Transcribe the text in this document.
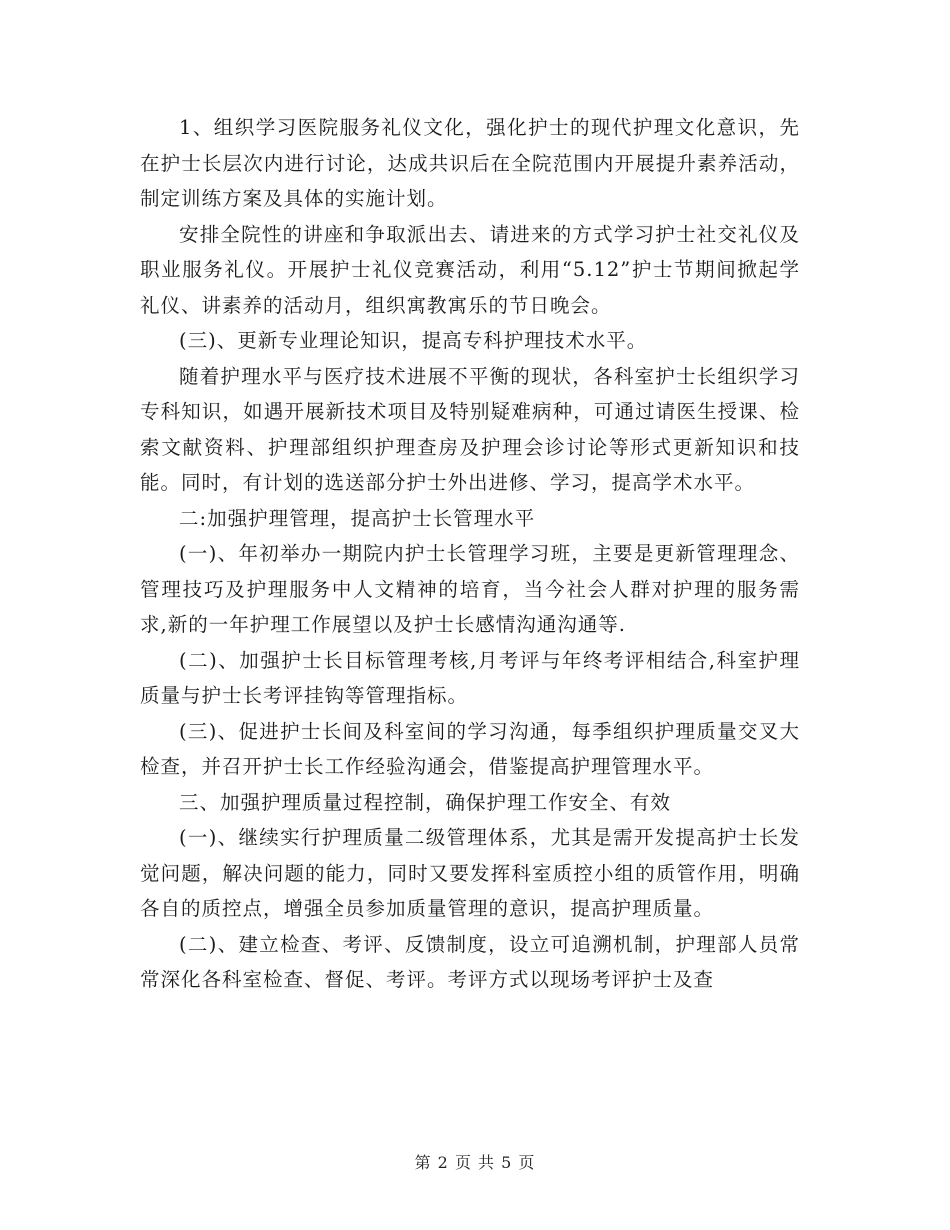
1、组织学习医院服务礼仪文化，强化护士的现代护理文化意识，先在护士长层次内进行讨论，达成共识后在全院范围内开展提升素养活动，制定训练方案及具体的实施计划。

安排全院性的讲座和争取派出去、请进来的方式学习护士社交礼仪及职业服务礼仪。开展护士礼仪竞赛活动，利用“5.12”护士节期间掀起学礼仪、讲素养的活动月，组织寓教寓乐的节日晚会。

(三)、更新专业理论知识，提高专科护理技术水平。

随着护理水平与医疗技术进展不平衡的现状，各科室护士长组织学习专科知识，如遇开展新技术项目及特别疑难病种，可通过请医生授课、检索文献资料、护理部组织护理查房及护理会诊讨论等形式更新知识和技能。同时，有计划的选送部分护士外出进修、学习，提高学术水平。

二:加强护理管理，提高护士长管理水平

(一)、年初举办一期院内护士长管理学习班，主要是更新管理理念、管理技巧及护理服务中人文精神的培育，当今社会人群对护理的服务需求,新的一年护理工作展望以及护士长感情沟通沟通等.

(二)、加强护士长目标管理考核,月考评与年终考评相结合,科室护理质量与护士长考评挂钩等管理指标。

(三)、促进护士长间及科室间的学习沟通，每季组织护理质量交叉大检查，并召开护士长工作经验沟通会，借鉴提高护理管理水平。

三、加强护理质量过程控制，确保护理工作安全、有效

(一)、继续实行护理质量二级管理体系，尤其是需开发提高护士长发觉问题，解决问题的能力，同时又要发挥科室质控小组的质管作用，明确各自的质控点，增强全员参加质量管理的意识，提高护理质量。

(二)、建立检查、考评、反馈制度，设立可追溯机制，护理部人员常常深化各科室检查、督促、考评。考评方式以现场考评护士及查

第 2 页 共 5 页
